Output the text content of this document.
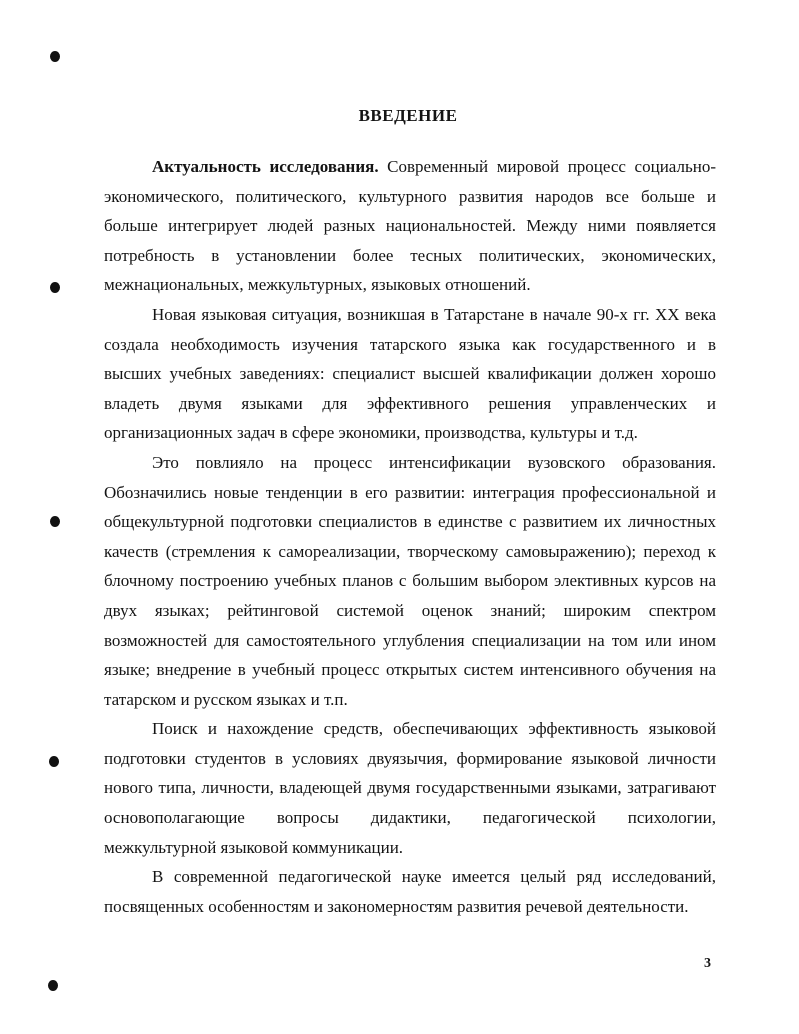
ВВЕДЕНИЕ

Актуальность исследования. Современный мировой процесс социально-экономического, политического, культурного развития народов все больше и больше интегрирует людей разных национальностей. Между ними появляется потребность в установлении более тесных политических, экономических, межнациональных, межкультурных, языковых отношений.

Новая языковая ситуация, возникшая в Татарстане в начале 90-х гг. XX века создала необходимость изучения татарского языка как государственного и в высших учебных заведениях: специалист высшей квалификации должен хорошо владеть двумя языками для эффективного решения управленческих и организационных задач в сфере экономики, производства, культуры и т.д.

Это повлияло на процесс интенсификации вузовского образования. Обозначились новые тенденции в его развитии: интеграция профессиональной и общекультурной подготовки специалистов в единстве с развитием их личностных качеств (стремления к самореализации, творческому самовыражению); переход к блочному построению учебных планов с большим выбором элективных курсов на двух языках; рейтинговой системой оценок знаний; широким спектром возможностей для самостоятельного углубления специализации на том или ином языке; внедрение в учебный процесс открытых систем интенсивного обучения на татарском и русском языках и т.п.

Поиск и нахождение средств, обеспечивающих эффективность языковой подготовки студентов в условиях двуязычия, формирование языковой личности нового типа, личности, владеющей двумя государственными языками, затрагивают основополагающие вопросы дидактики, педагогической психологии, межкультурной языковой коммуникации.

В современной педагогической науке имеется целый ряд исследований, посвященных особенностям и закономерностям развития речевой деятельности.

3
